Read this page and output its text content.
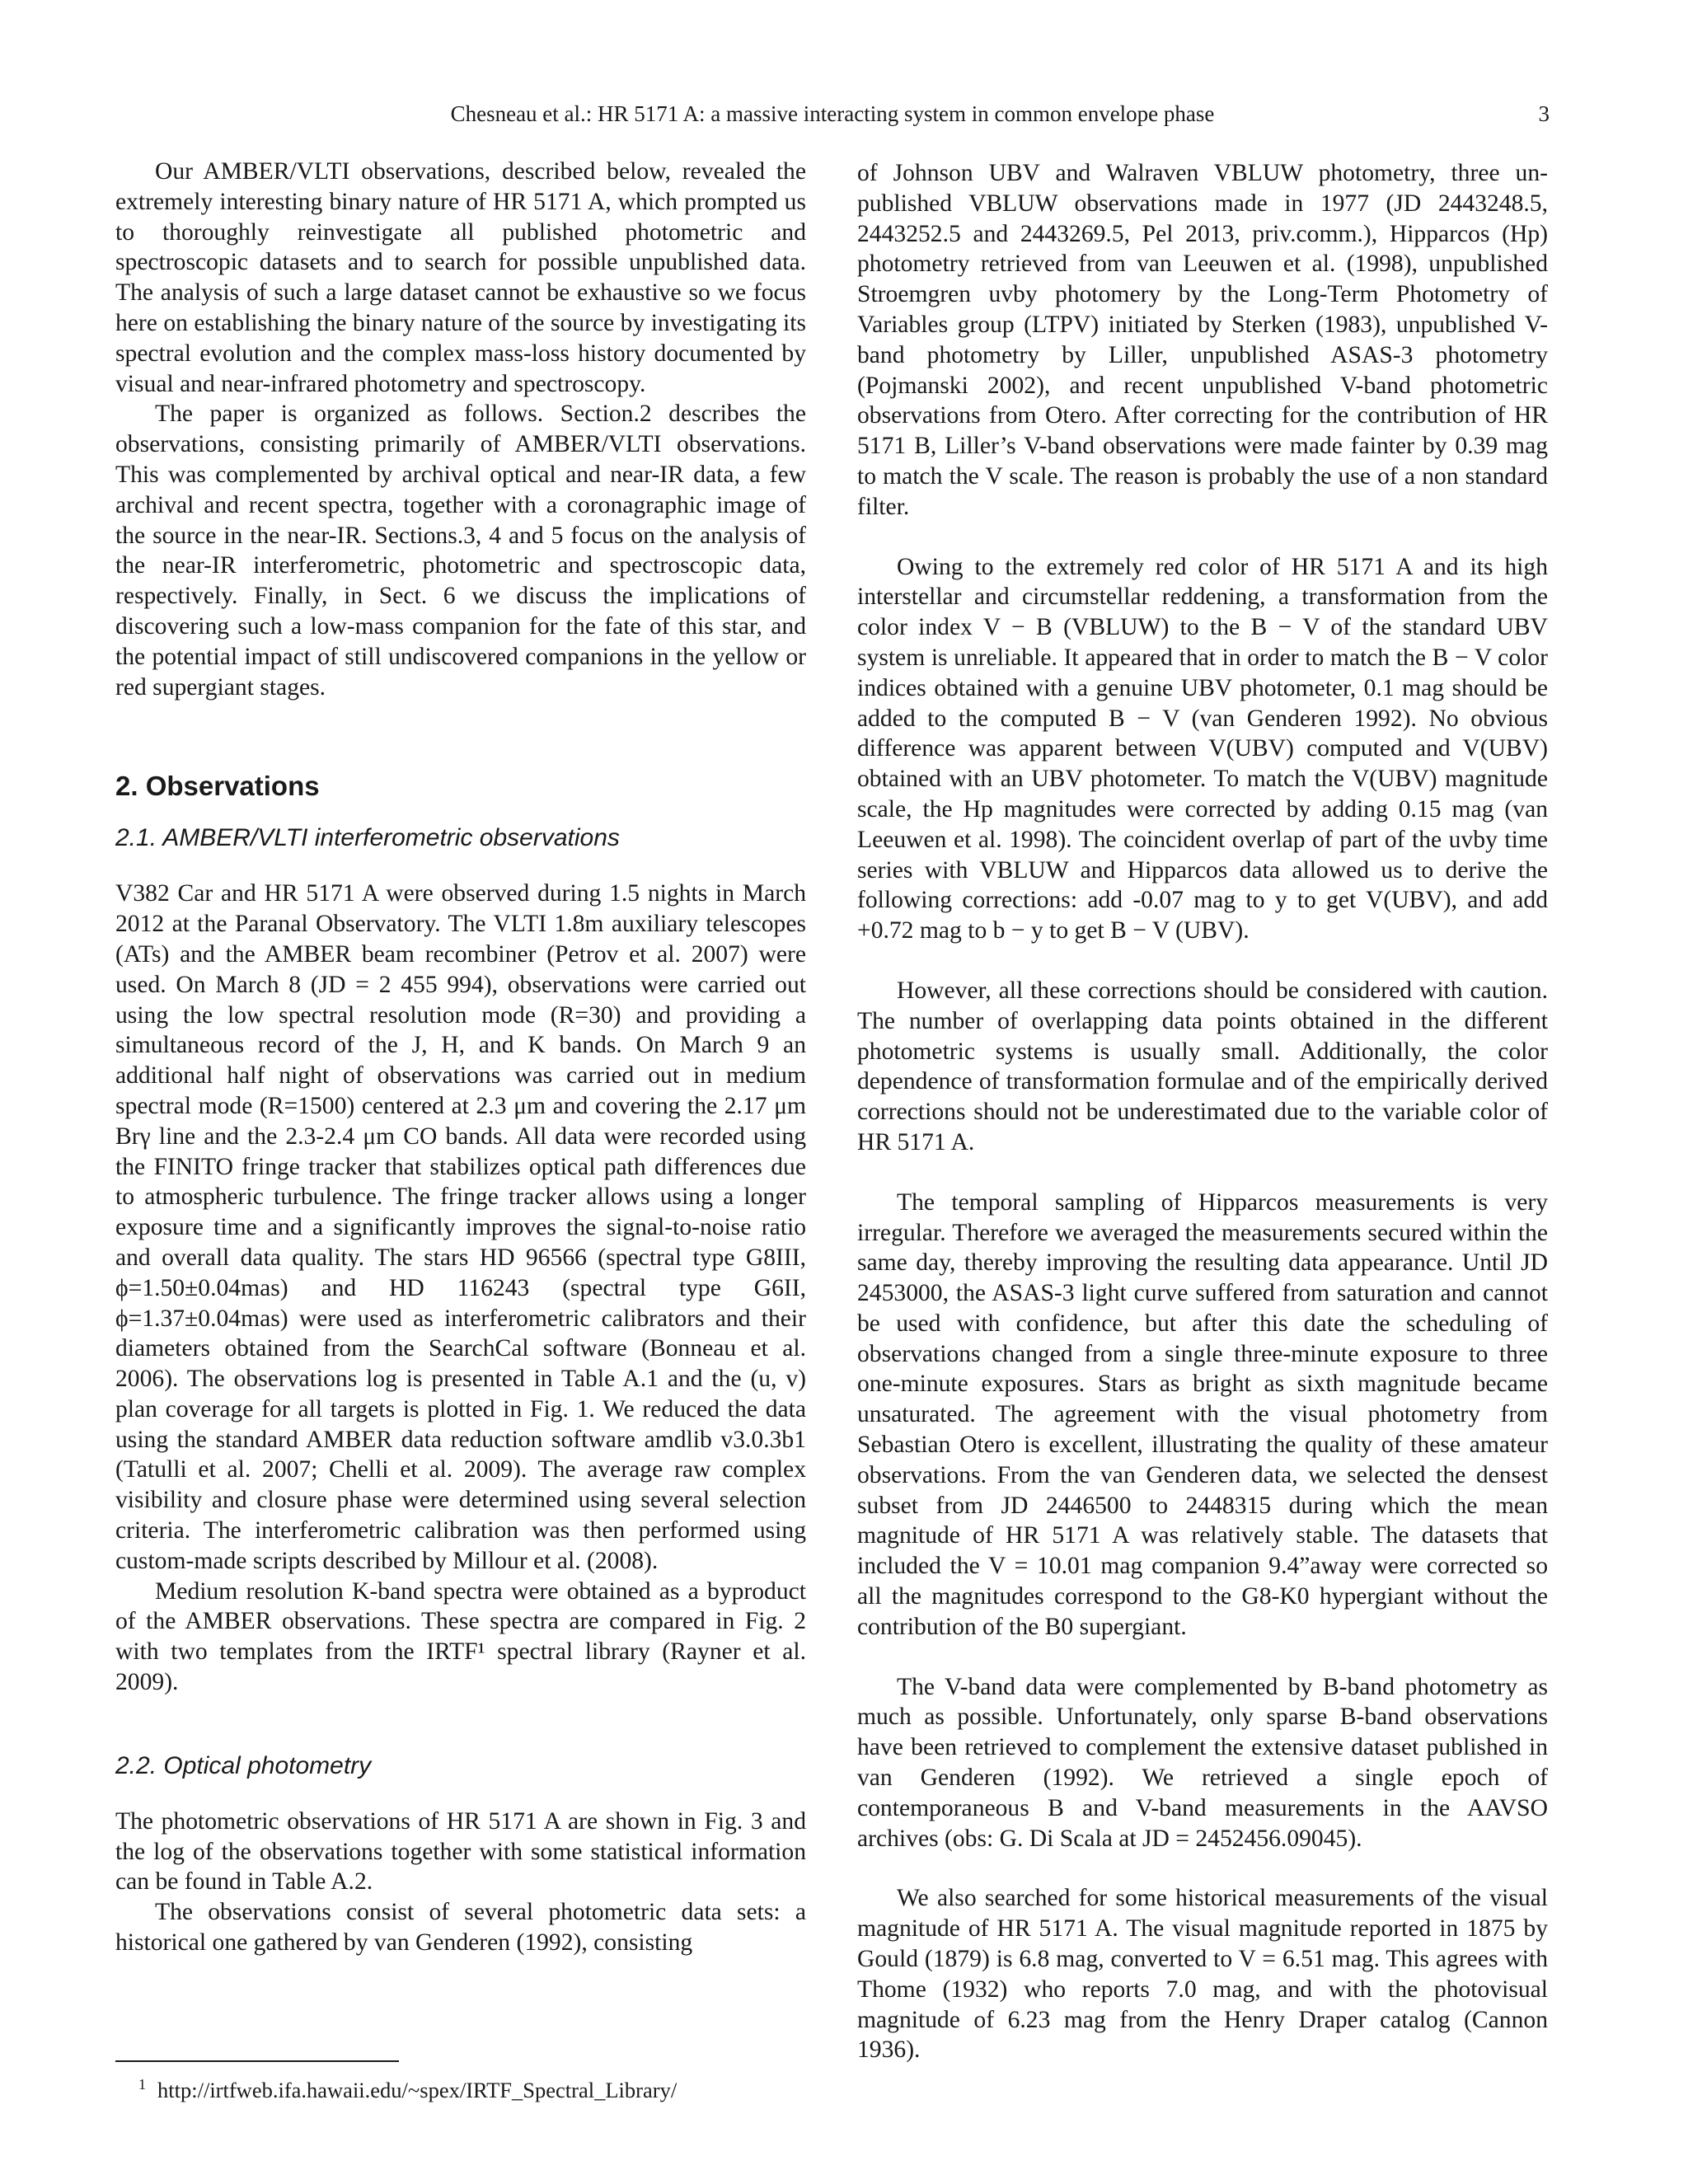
Chesneau et al.: HR 5171 A: a massive interacting system in common envelope phase	3

Our AMBER/VLTI observations, described below, revealed the extremely interesting binary nature of HR 5171 A, which prompted us to thoroughly reinvestigate all published photometric and spectroscopic datasets and to search for possible unpublished data. The analysis of such a large dataset cannot be exhaustive so we focus here on establishing the binary nature of the source by investigating its spectral evolution and the complex mass-loss history documented by visual and near-infrared photometry and spectroscopy.

The paper is organized as follows. Section.2 describes the observations, consisting primarily of AMBER/VLTI observations. This was complemented by archival optical and near-IR data, a few archival and recent spectra, together with a coronagraphic image of the source in the near-IR. Sections.3, 4 and 5 focus on the analysis of the near-IR interferometric, photometric and spectroscopic data, respectively. Finally, in Sect. 6 we discuss the implications of discovering such a low-mass companion for the fate of this star, and the potential impact of still undiscovered companions in the yellow or red supergiant stages.

2. Observations
2.1. AMBER/VLTI interferometric observations

V382 Car and HR 5171 A were observed during 1.5 nights in March 2012 at the Paranal Observatory. The VLTI 1.8m auxiliary telescopes (ATs) and the AMBER beam recombiner (Petrov et al. 2007) were used. On March 8 (JD = 2 455 994), observations were carried out using the low spectral resolution mode (R=30) and providing a simultaneous record of the J, H, and K bands. On March 9 an additional half night of observations was carried out in medium spectral mode (R=1500) centered at 2.3 μm and covering the 2.17 μm Brγ line and the 2.3-2.4 μm CO bands. All data were recorded using the FINITO fringe tracker that stabilizes optical path differences due to atmospheric turbulence. The fringe tracker allows using a longer exposure time and a significantly improves the signal-to-noise ratio and overall data quality. The stars HD 96566 (spectral type G8III, ϕ=1.50±0.04mas) and HD 116243 (spectral type G6II, ϕ=1.37±0.04mas) were used as interferometric calibrators and their diameters obtained from the SearchCal software (Bonneau et al. 2006). The observations log is presented in Table A.1 and the (u, v) plan coverage for all targets is plotted in Fig. 1. We reduced the data using the standard AMBER data reduction software amdlib v3.0.3b1 (Tatulli et al. 2007; Chelli et al. 2009). The average raw complex visibility and closure phase were determined using several selection criteria. The interferometric calibration was then performed using custom-made scripts described by Millour et al. (2008).

Medium resolution K-band spectra were obtained as a byproduct of the AMBER observations. These spectra are compared in Fig. 2 with two templates from the IRTF¹ spectral library (Rayner et al. 2009).

2.2. Optical photometry

The photometric observations of HR 5171 A are shown in Fig. 3 and the log of the observations together with some statistical information can be found in Table A.2.

The observations consist of several photometric data sets: a historical one gathered by van Genderen (1992), consisting

of Johnson UBV and Walraven VBLUW photometry, three unpublished VBLUW observations made in 1977 (JD 2443248.5, 2443252.5 and 2443269.5, Pel 2013, priv.comm.), Hipparcos (Hp) photometry retrieved from van Leeuwen et al. (1998), unpublished Stroemgren uvby photomery by the Long-Term Photometry of Variables group (LTPV) initiated by Sterken (1983), unpublished V-band photometry by Liller, unpublished ASAS-3 photometry (Pojmanski 2002), and recent unpublished V-band photometric observations from Otero. After correcting for the contribution of HR 5171 B, Liller’s V-band observations were made fainter by 0.39 mag to match the V scale. The reason is probably the use of a non standard filter.

Owing to the extremely red color of HR 5171 A and its high interstellar and circumstellar reddening, a transformation from the color index V − B (VBLUW) to the B − V of the standard UBV system is unreliable. It appeared that in order to match the B − V color indices obtained with a genuine UBV photometer, 0.1 mag should be added to the computed B − V (van Genderen 1992). No obvious difference was apparent between V(UBV) computed and V(UBV) obtained with an UBV photometer. To match the V(UBV) magnitude scale, the Hp magnitudes were corrected by adding 0.15 mag (van Leeuwen et al. 1998). The coincident overlap of part of the uvby time series with VBLUW and Hipparcos data allowed us to derive the following corrections: add -0.07 mag to y to get V(UBV), and add +0.72 mag to b − y to get B − V (UBV).

However, all these corrections should be considered with caution. The number of overlapping data points obtained in the different photometric systems is usually small. Additionally, the color dependence of transformation formulae and of the empirically derived corrections should not be underestimated due to the variable color of HR 5171 A.

The temporal sampling of Hipparcos measurements is very irregular. Therefore we averaged the measurements secured within the same day, thereby improving the resulting data appearance. Until JD 2453000, the ASAS-3 light curve suffered from saturation and cannot be used with confidence, but after this date the scheduling of observations changed from a single three-minute exposure to three one-minute exposures. Stars as bright as sixth magnitude became unsaturated. The agreement with the visual photometry from Sebastian Otero is excellent, illustrating the quality of these amateur observations. From the van Genderen data, we selected the densest subset from JD 2446500 to 2448315 during which the mean magnitude of HR 5171 A was relatively stable. The datasets that included the V = 10.01 mag companion 9.4”away were corrected so all the magnitudes correspond to the G8-K0 hypergiant without the contribution of the B0 supergiant.

The V-band data were complemented by B-band photometry as much as possible. Unfortunately, only sparse B-band observations have been retrieved to complement the extensive dataset published in van Genderen (1992). We retrieved a single epoch of contemporaneous B and V-band measurements in the AAVSO archives (obs: G. Di Scala at JD = 2452456.09045).

We also searched for some historical measurements of the visual magnitude of HR 5171 A. The visual magnitude reported in 1875 by Gould (1879) is 6.8 mag, converted to V = 6.51 mag. This agrees with Thome (1932) who reports 7.0 mag, and with the photovisual magnitude of 6.23 mag from the Henry Draper catalog (Cannon 1936).

$^1$ http://irtfweb.ifa.hawaii.edu/~spex/IRTF_Spectral_Library/
